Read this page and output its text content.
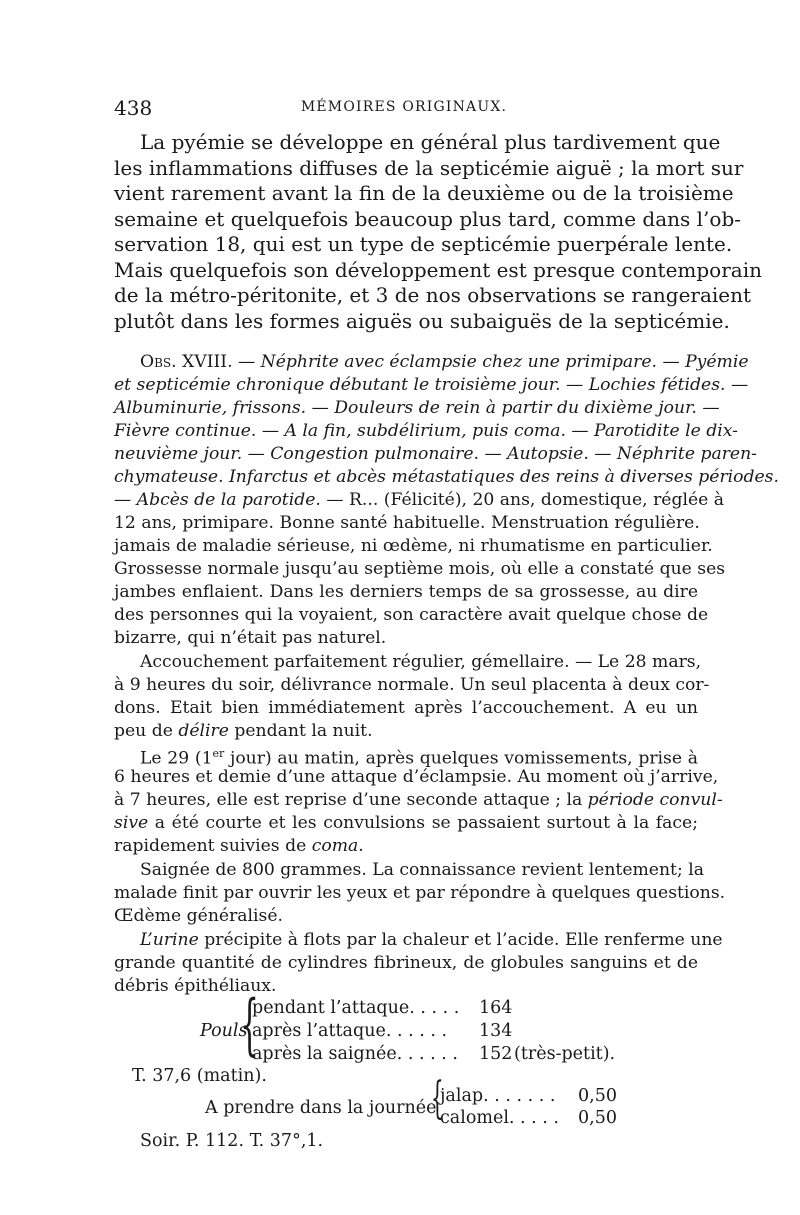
438	MÉMOIRES ORIGINAUX.
La pyémie se développe en général plus tardivement que
les inflammations diffuses de la septicémie aiguë ; la mort sur
vient rarement avant la fin de la deuxième ou de la troisième
semaine et quelquefois beaucoup plus tard, comme dans l’ob-
servation 18, qui est un type de septicémie puerpérale lente.
Mais quelquefois son développement est presque contemporain
de la métro-péritonite, et 3 de nos observations se rangeraient
plutôt dans les formes aiguës ou subaiguës de la septicémie.
Obs. XVIII. — Néphrite avec éclampsie chez une primipare. — Pyémie
et septicémie chronique débutant le troisième jour. — Lochies fétides. —
Albuminurie, frissons. — Douleurs de rein à partir du dixième jour. —
Fièvre continue. — A la fin, subdélirium, puis coma. — Parotidite le dix-
neuvième jour. — Congestion pulmonaire. — Autopsie. — Néphrite paren-
chymateuse. Infarctus et abcès métastatiques des reins à diverses périodes.
— Abcès de la parotide. — R... (Félicité), 20 ans, domestique, réglée à
12 ans, primipare. Bonne santé habituelle. Menstruation régulière.
jamais de maladie sérieuse, ni œdème, ni rhumatisme en particulier.
Grossesse normale jusqu’au septième mois, où elle a constaté que ses
jambes enflaient. Dans les derniers temps de sa grossesse, au dire
des personnes qui la voyaient, son caractère avait quelque chose de
bizarre, qui n’était pas naturel.
Accouchement parfaitement régulier, gémellaire. — Le 28 mars,
à 9 heures du soir, délivrance normale. Un seul placenta à deux cor-
dons. Etait bien immédiatement après l’accouchement. A eu un
peu de délire pendant la nuit.
Le 29 (1er jour) au matin, après quelques vomissements, prise à
6 heures et demie d’une attaque d’éclampsie. Au moment où j’arrive,
à 7 heures, elle est reprise d’une seconde attaque ; la période convul-
sive a été courte et les convulsions se passaient surtout à la face;
rapidement suivies de coma.
Saignée de 800 grammes. La connaissance revient lentement; la
malade finit par ouvrir les yeux et par répondre à quelques questions.
Œdème généralisé.
L’urine précipite à flots par la chaleur et l’acide. Elle renferme une
grande quantité de cylindres fibrineux, de globules sanguins et de
débris épithéliaux.
Pouls
{
pendant l’attaque. . . . . 164
après l’attaque. . . . . . 134
après la saignée. . . . . . 152 (très-petit).
T. 37,6 (matin).
A prendre dans la journée
{
jalap. . . . . . . 0,50
calomel. . . . . 0,50
Soir. P. 112. T. 37°,1.
